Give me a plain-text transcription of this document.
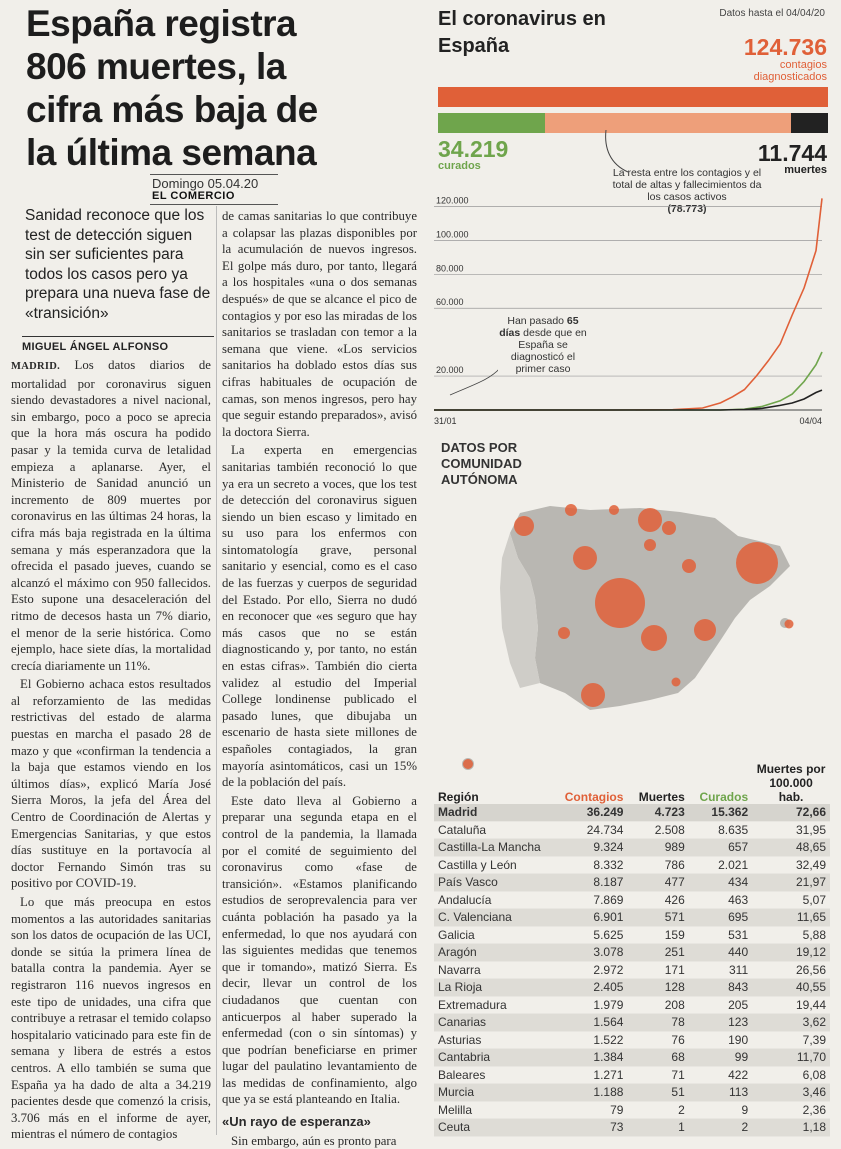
España registra 806 muertes, la cifra más baja de la última semana
Domingo 05.04.20
EL COMERCIO
Sanidad reconoce que los test de detección siguen sin ser suficientes para todos los casos pero ya prepara una nueva fase de «transición»
MIGUEL ÁNGEL ALFONSO

MADRID. Los datos diarios de mortalidad por coronavirus siguen siendo devastadores a nivel nacional, sin embargo, poco a poco se aprecia que la hora más oscura ha podido pasar y la temida curva de letalidad empieza a aplanarse. Ayer, el Ministerio de Sanidad anunció un incremento de 809 muertes por coronavirus en las últimas 24 horas, la cifra más baja registrada en la última semana y más esperanzadora que la ofrecida el pasado jueves, cuando se alcanzó el máximo con 950 fallecidos. Esto supone una desaceleración del ritmo de decesos hasta un 7% diario, el menor de la serie histórica. Como ejemplo, hace siete días, la mortalidad crecía diariamente un 11%.

El Gobierno achaca estos resultados al reforzamiento de las medidas restrictivas del estado de alarma puestas en marcha el pasado 28 de mazo y que «confirman la tendencia a la baja que estamos viendo en los últimos días», explicó María José Sierra Moros, la jefa del Área del Centro de Coordinación de Alertas y Emergencias Sanitarias, y que estos días sustituye en la portavocía al doctor Fernando Simón tras su positivo por COVID-19.

Lo que más preocupa en estos momentos a las autoridades sanitarias son los datos de ocupación de las UCI, donde se sitúa la primera línea de batalla contra la pandemia. Ayer se registraron 116 nuevos ingresos en este tipo de unidades, una cifra que contribuye a retrasar el temido colapso hospitalario vaticinado para este fin de semana y libera de estrés a estos centros. A ello también se suma que España ya ha dado de alta a 34.219 pacientes desde que comenzó la crisis, 3.706 más en el informe de ayer, mientras el número de contagios

de camas sanitarias lo que contribuye a colapsar las plazas disponibles por la acumulación de nuevos ingresos. El golpe más duro, por tanto, llegará a los hospitales «una o dos semanas después» de que se alcance el pico de contagios y por eso las miradas de los sanitarios se trasladan con temor a la semana que viene. «Los servicios sanitarios ha doblado estos días sus cifras habituales de ocupación de camas, son menos ingresos, pero hay que seguir estando preparados», avisó la doctora Sierra.

La experta en emergencias sanitarias también reconoció lo que ya era un secreto a voces, que los test de detección del coronavirus siguen siendo un bien escaso y limitado en su uso para los enfermos con sintomatología grave, personal sanitario y esencial, como es el caso de las fuerzas y cuerpos de seguridad del Estado. Por ello, Sierra no dudó en reconocer que «es seguro que hay más casos que no se están diagnosticando y, por tanto, no están en estas cifras». También dio cierta validez al estudio del Imperial College londinense publicado el pasado lunes, que dibujaba un escenario de hasta siete millones de españoles contagiados, la gran mayoría asintomáticos, casi un 15% de la población del país.

Este dato lleva al Gobierno a preparar una segunda etapa en el control de la pandemia, la llamada por el comité de seguimiento del coronavirus como «fase de transición». «Estamos planificando estudios de seroprevalencia para ver cuánta población ha pasado ya la enfermedad, lo que nos ayudará con las siguientes medidas que tenemos que ir tomando», matizó Sierra. Es decir, llevar un control de los ciudadanos que cuentan con anticuerpos al haber superado la enfermedad (con o sin síntomas) y que podrían beneficiarse en primer lugar del paulatino levantamiento de las medidas de confinamiento, algo que ya se está planteando en Italia.

«Un rayo de esperanza»

Sin embargo, aún es pronto para

El coronavirus en España
Datos hasta el 04/04/20
124.736
contagios diagnosticados
34.219
curados	11.744
muertes
La resta entre los contagios y el total de altas y fallecimientos da los casos activos
(78.773)
20.000
60.000
80.000
100.000
120.000
31/01	04/04
Han pasado 65 días desde que en España se diagnosticó el primer caso
DATOS POR COMUNIDAD AUTÓNOMA
Región	Contagios	Muertes	Curados	Muertes por 100.000 hab.
Madrid	36.249	4.723	15.362	72,66
Cataluña	24.734	2.508	8.635	31,95
Castilla-La Mancha	9.324	989	657	48,65
Castilla y León	8.332	786	2.021	32,49
País Vasco	8.187	477	434	21,97
Andalucía	7.869	426	463	5,07
C. Valenciana	6.901	571	695	11,65
Galicia	5.625	159	531	5,88
Aragón	3.078	251	440	19,12
Navarra	2.972	171	311	26,56
La Rioja	2.405	128	843	40,55
Extremadura	1.979	208	205	19,44
Canarias	1.564	78	123	3,62
Asturias	1.522	76	190	7,39
Cantabria	1.384	68	99	11,70
Baleares	1.271	71	422	6,08
Murcia	1.188	51	113	3,46
Melilla	79	2	9	2,36
Ceuta	73	1	2	1,18
